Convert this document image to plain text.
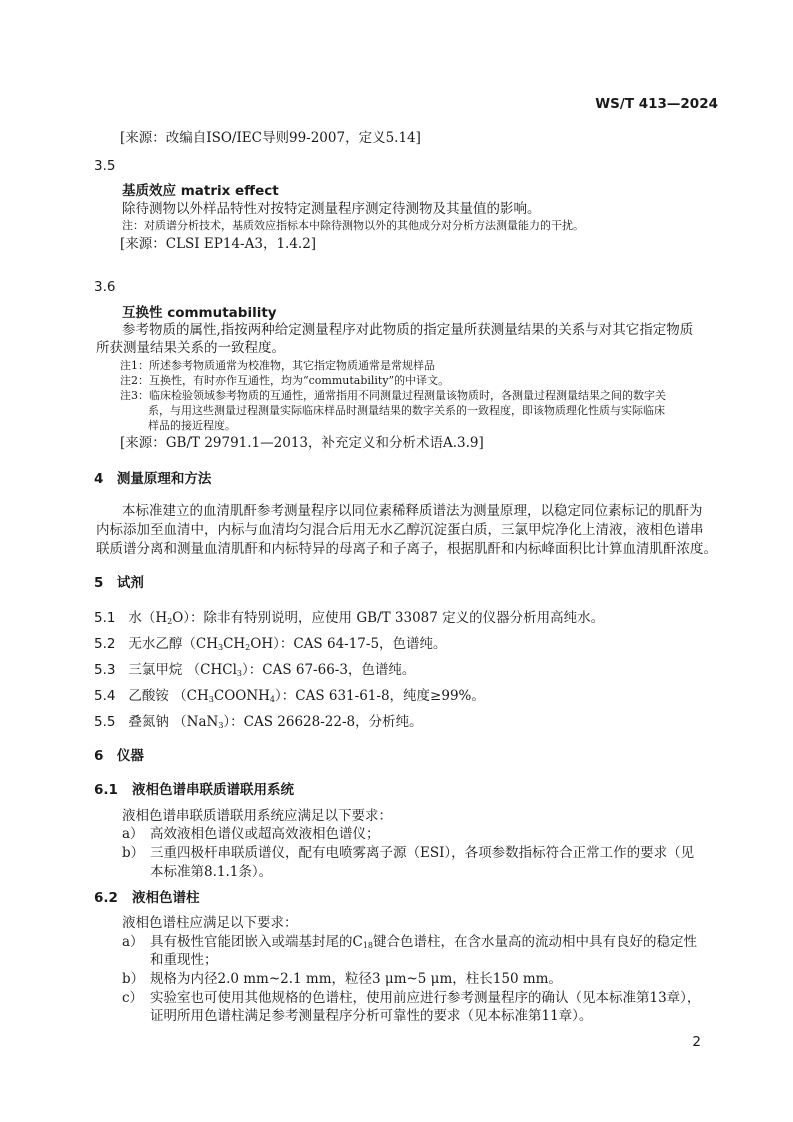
WS/T 413—2024
[来源：改编自ISO/IEC导则99-2007，定义5.14]
3.5
基质效应 matrix effect
除待测物以外样品特性对按特定测量程序测定待测物及其量值的影响。
注：对质谱分析技术，基质效应指标本中除待测物以外的其他成分对分析方法测量能力的干扰。
[来源：CLSI EP14-A3，1.4.2]
3.6
互换性 commutability
参考物质的属性,指按两种给定测量程序对此物质的指定量所获测量结果的关系与对其它指定物质
所获测量结果关系的一致程度。
注1：所述参考物质通常为校准物，其它指定物质通常是常规样品
注2：互换性，有时亦作互通性，均为“commutability”的中译文。
注3：临床检验领域参考物质的互通性，通常指用不同测量过程测量该物质时，各测量过程测量结果之间的数字关
系，与用这些测量过程测量实际临床样品时测量结果的数字关系的一致程度，即该物质理化性质与实际临床
样品的接近程度。
[来源：GB/T 29791.1—2013，补充定义和分析术语A.3.9]
4　测量原理和方法
本标准建立的血清肌酐参考测量程序以同位素稀释质谱法为测量原理，以稳定同位素标记的肌酐为
内标添加至血清中，内标与血清均匀混合后用无水乙醇沉淀蛋白质，三氯甲烷净化上清液，液相色谱串
联质谱分离和测量血清肌酐和内标特异的母离子和子离子，根据肌酐和内标峰面积比计算血清肌酐浓度。
5　试剂
5.1 水$(H_2O)$：除非有特别说明，应使用 GB/T 33087 定义的仪器分析用高纯水。
5.2 无水乙醇$(CH_3CH_2OH)$：CAS 64-17-5，色谱纯。
5.3 三氯甲烷 （CHCl$_3$）：CAS 67-66-3，色谱纯。
5.4 乙酸铵 $(CH_3COONH_4)$：CAS 631-61-8，纯度≥99%。
5.5 叠氮钠 （NaN$_3$）：CAS 26628-22-8，分析纯。
6　仪器
6.1 液相色谱串联质谱联用系统
液相色谱串联质谱联用系统应满足以下要求：
a） 高效液相色谱仪或超高效液相色谱仪；
b） 三重四极杆串联质谱仪，配有电喷雾离子源（ESI），各项参数指标符合正常工作的要求（见
本标准第8.1.1条）。
6.2 液相色谱柱
液相色谱柱应满足以下要求：
a） 具有极性官能团嵌入或端基封尾的$C_{18}$键合色谱柱，在含水量高的流动相中具有良好的稳定性
和重现性；
b） 规格为内径2.0 mm~2.1 mm，粒径3 μm~5 μm，柱长150 mm。
c） 实验室也可使用其他规格的色谱柱，使用前应进行参考测量程序的确认（见本标准第13章），
证明所用色谱柱满足参考测量程序分析可靠性的要求（见本标准第11章）。
2
